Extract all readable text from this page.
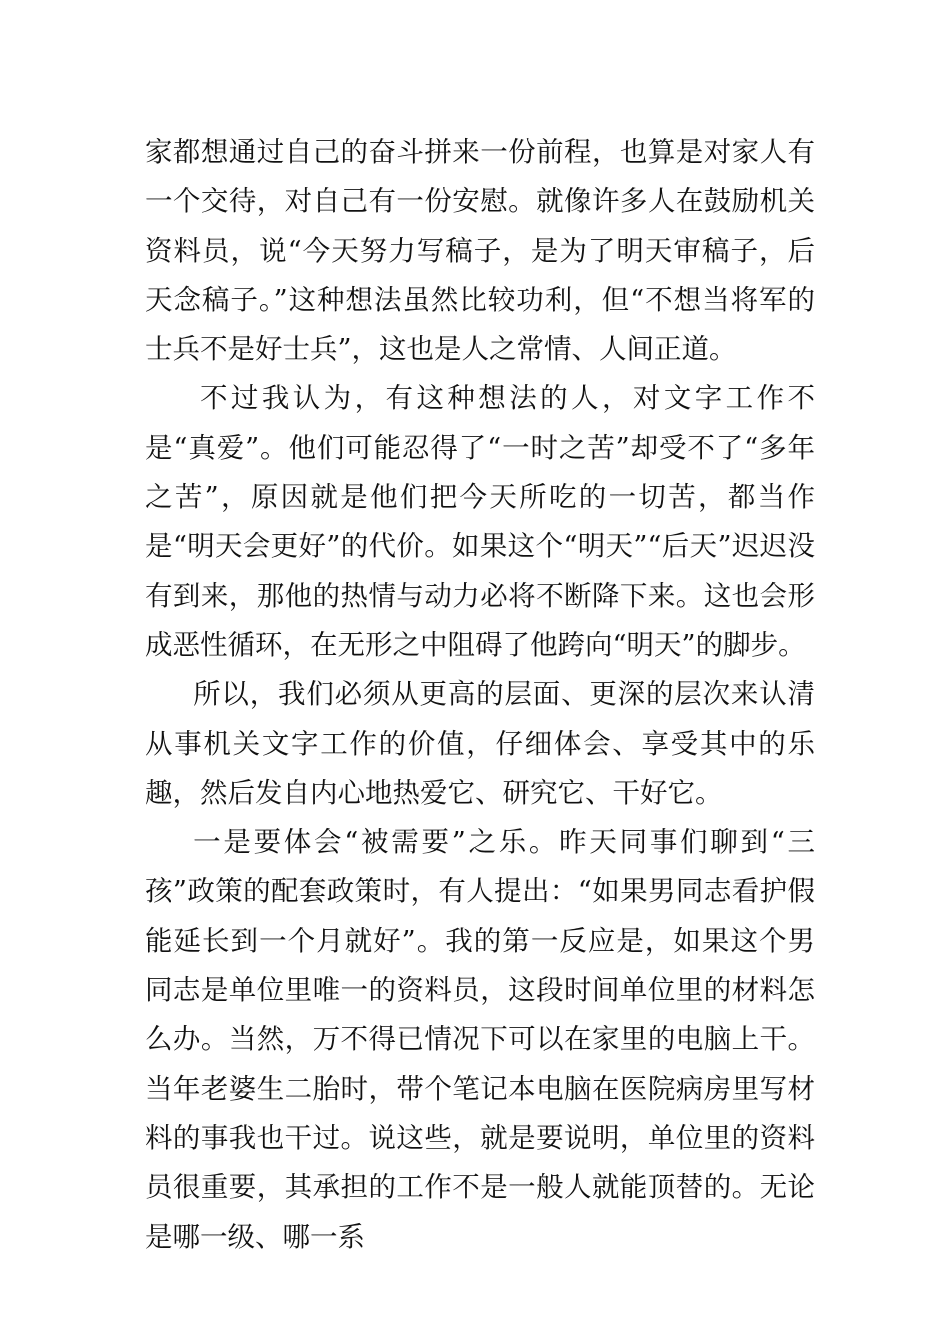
家都想通过自己的奋斗拼来一份前程，也算是对家人有一个交待，对自己有一份安慰。就像许多人在鼓励机关资料员，说“今天努力写稿子，是为了明天审稿子，后天念稿子。”这种想法虽然比较功利，但“不想当将军的士兵不是好士兵”，这也是人之常情、人间正道。

不过我认为，有这种想法的人，对文字工作不是“真爱”。他们可能忍得了“一时之苦”却受不了“多年之苦”，原因就是他们把今天所吃的一切苦，都当作是“明天会更好”的代价。如果这个“明天”“后天”迟迟没有到来，那他的热情与动力必将不断降下来。这也会形成恶性循环，在无形之中阻碍了他跨向“明天”的脚步。

所以，我们必须从更高的层面、更深的层次来认清从事机关文字工作的价值，仔细体会、享受其中的乐趣，然后发自内心地热爱它、研究它、干好它。

一是要体会“被需要”之乐。昨天同事们聊到“三孩”政策的配套政策时，有人提出：“如果男同志看护假能延长到一个月就好”。我的第一反应是，如果这个男同志是单位里唯一的资料员，这段时间单位里的材料怎么办。当然，万不得已情况下可以在家里的电脑上干。当年老婆生二胎时，带个笔记本电脑在医院病房里写材料的事我也干过。说这些，就是要说明，单位里的资料员很重要，其承担的工作不是一般人就能顶替的。无论是哪一级、哪一系
